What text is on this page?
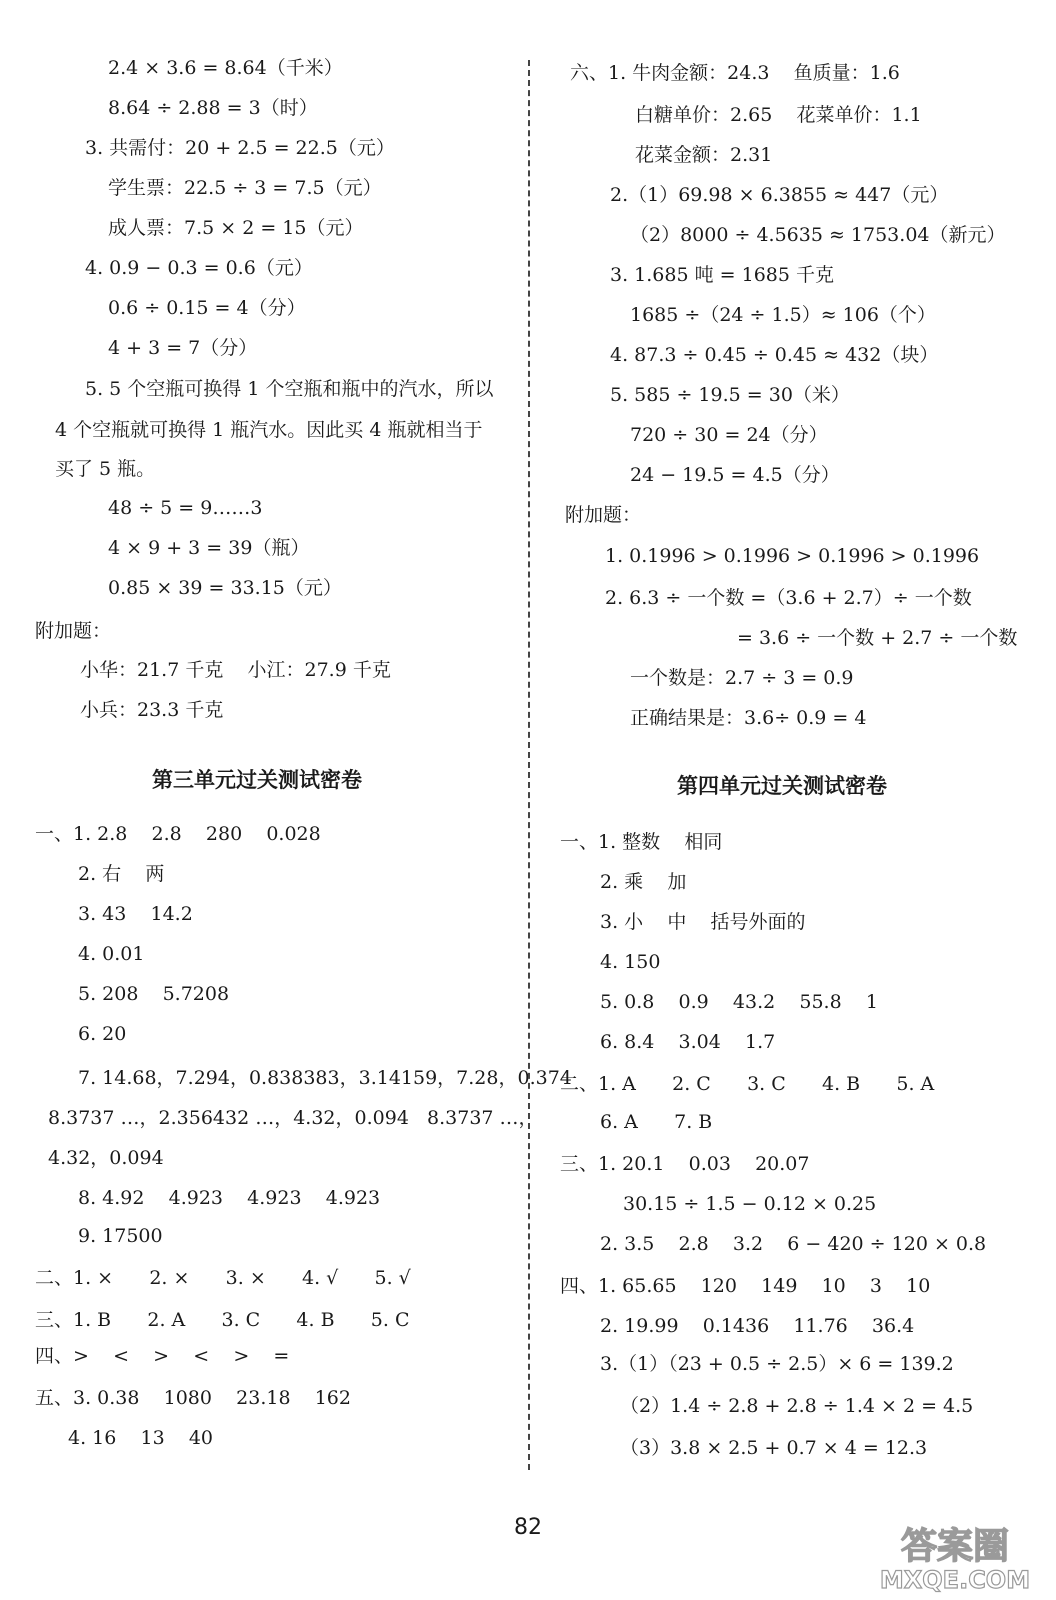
2.4 × 3.6 = 8.64（千米）
8.64 ÷ 2.88 = 3（时）
3. 共需付：20 + 2.5 = 22.5（元）
学生票：22.5 ÷ 3 = 7.5（元）
成人票：7.5 × 2 = 15（元）
4. 0.9 − 0.3 = 0.6（元）
0.6 ÷ 0.15 = 4（分）
4 + 3 = 7（分）
5. 5 个空瓶可换得 1 个空瓶和瓶中的汽水，所以
4 个空瓶就可换得 1 瓶汽水。因此买 4 瓶就相当于
买了 5 瓶。
48 ÷ 5 = 9……3
4 × 9 + 3 = 39（瓶）
0.85 × 39 = 33.15（元）
附加题：
小华：21.7 千克    小江：27.9 千克
小兵：23.3 千克
第三单元过关测试密卷
一、1. 2.8    2.8    280    0.028
2. 右    两
3. 43    14.2
4. 0.01
5. 208    5.7208
6. 20
7. 14.68，7.294，0.838383，3.14159，7.28，0.374
8.3737 …，2.356432 …，4.32，0.094   8.3737 …，
4.32，0.094
8. 4.92    4.923    4.923    4.923
9. 17500
二、1. ×      2. ×      3. ×      4. √      5. √
三、1. B      2. A      3. C      4. B      5. C
四、>    <    >    <    >    =
五、3. 0.38    1080    23.18    162
4. 16    13    40
六、1. 牛肉金额：24.3    鱼质量：1.6
白糖单价：2.65    花菜单价：1.1
花菜金额：2.31
2.（1）69.98 × 6.3855 ≈ 447（元）
（2）8000 ÷ 4.5635 ≈ 1753.04（新元）
3. 1.685 吨 = 1685 千克
1685 ÷（24 ÷ 1.5）≈ 106（个）
4. 87.3 ÷ 0.45 ÷ 0.45 ≈ 432（块）
5. 585 ÷ 19.5 = 30（米）
720 ÷ 30 = 24（分）
24 − 19.5 = 4.5（分）
附加题：
1. 0.1996 > 0.1996 > 0.1996 > 0.1996
2. 6.3 ÷ 一个数 =（3.6 + 2.7）÷ 一个数
= 3.6 ÷ 一个数 + 2.7 ÷ 一个数
一个数是：2.7 ÷ 3 = 0.9
正确结果是：3.6÷ 0.9 = 4
第四单元过关测试密卷
一、1. 整数    相同
2. 乘    加
3. 小    中    括号外面的
4. 150
5. 0.8    0.9    43.2    55.8    1
6. 8.4    3.04    1.7
二、1. A      2. C      3. C      4. B      5. A
6. A      7. B
三、1. 20.1    0.03    20.07
30.15 ÷ 1.5 − 0.12 × 0.25
2. 3.5    2.8    3.2    6 − 420 ÷ 120 × 0.8
四、1. 65.65    120    149    10    3    10
2. 19.99    0.1436    11.76    36.4
3.（1）（23 + 0.5 ÷ 2.5）× 6 = 139.2
（2）1.4 ÷ 2.8 + 2.8 ÷ 1.4 × 2 = 4.5
（3）3.8 × 2.5 + 0.7 × 4 = 12.3
82	答案圈
MXQE.COM
